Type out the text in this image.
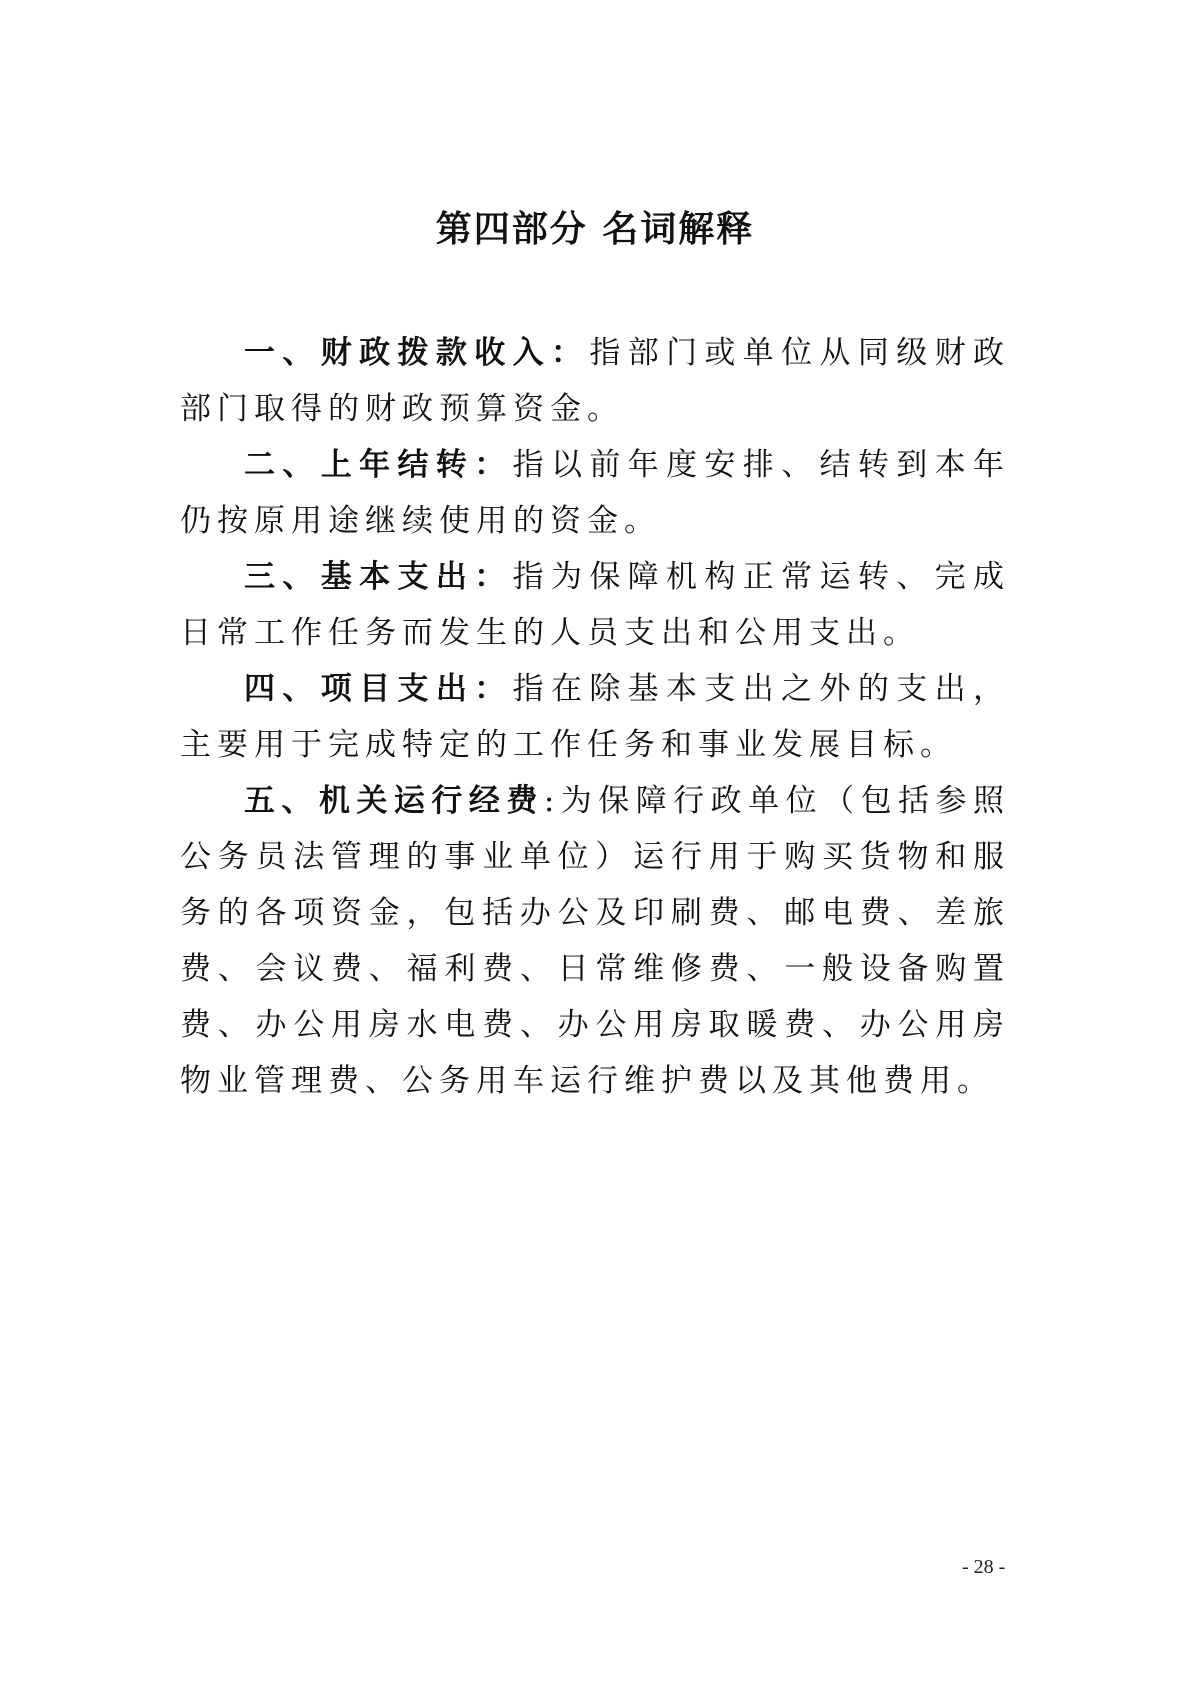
第四部分 名词解释

一、财政拨款收入：指部门或单位从同级财政部门取得的财政预算资金。

二、上年结转：指以前年度安排、结转到本年仍按原用途继续使用的资金。

三、基本支出：指为保障机构正常运转、完成日常工作任务而发生的人员支出和公用支出。

四、项目支出：指在除基本支出之外的支出，主要用于完成特定的工作任务和事业发展目标。

五、机关运行经费:为保障行政单位（包括参照公务员法管理的事业单位）运行用于购买货物和服务的各项资金，包括办公及印刷费、邮电费、差旅费、会议费、福利费、日常维修费、一般设备购置费、办公用房水电费、办公用房取暖费、办公用房物业管理费、公务用车运行维护费以及其他费用。

- 28 -
